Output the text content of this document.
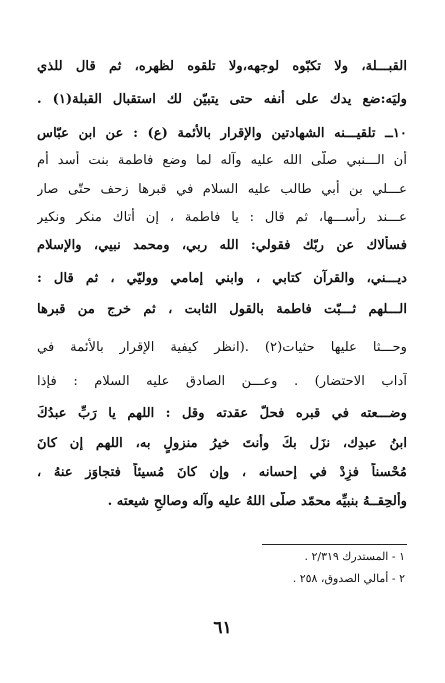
القبـــلة، ولا تكبّوه لوجهه،ولا تلقوه لظهره، ثم قال للذي
وليَه:ضع يدك على أنفه حتى يتبيّن لك استقبال القبلة(١) .
١٠ــ تلقيـــنه الشهادتين والإقرار بالأئمة (ع) : عن ابن عبّاس
أن الـــنبي صلّى الله عليه وآله لما وضع فاطمة بنت أسد أم
عـــلي بن أبي طالب عليه السلام في قبرها زحف حتّى صار
عـــند رأســـها، ثم قال : يا فاطمة ، إن أتاك منكر ونكير
فسألاك عن ربّك فقولي: الله ربي، ومحمد نبيي، والإسلام
ديـــني، والقرآن كتابي ، وابني إمامي ووليّي ، ثم قال :
الـــلهم ثـــبّت فاطمة بالقول الثابت ، ثم خرج من قبرها
وحـــثا عليها حثيات(٢) .(انظر كيفية الإقرار بالأئمة في
آداب الاحتضار) . وعـــن الصادق عليه السلام : فإذا
وضـــعته في قبره فحلّ عقدته وقل : اللهم يا رَبِّ عبدُكَ
ابنُ عبدِك، نزَل بكَ وأنتَ خيرُ منزولٍ به، اللهم إن كانَ
مُحْسناً فزِدْ في إحسانه ، وإن كانَ مُسيئاً فتجاوَز عنهُ ،
وأَلحِقــهُ بنبيِّه محمّد صلّى اللهُ عليه وآله وصالحِ شيعته .
١ - المستدرك ٢/٣١٩ .
٢ - أمالي الصدوق، ٢٥٨ .
٦١
